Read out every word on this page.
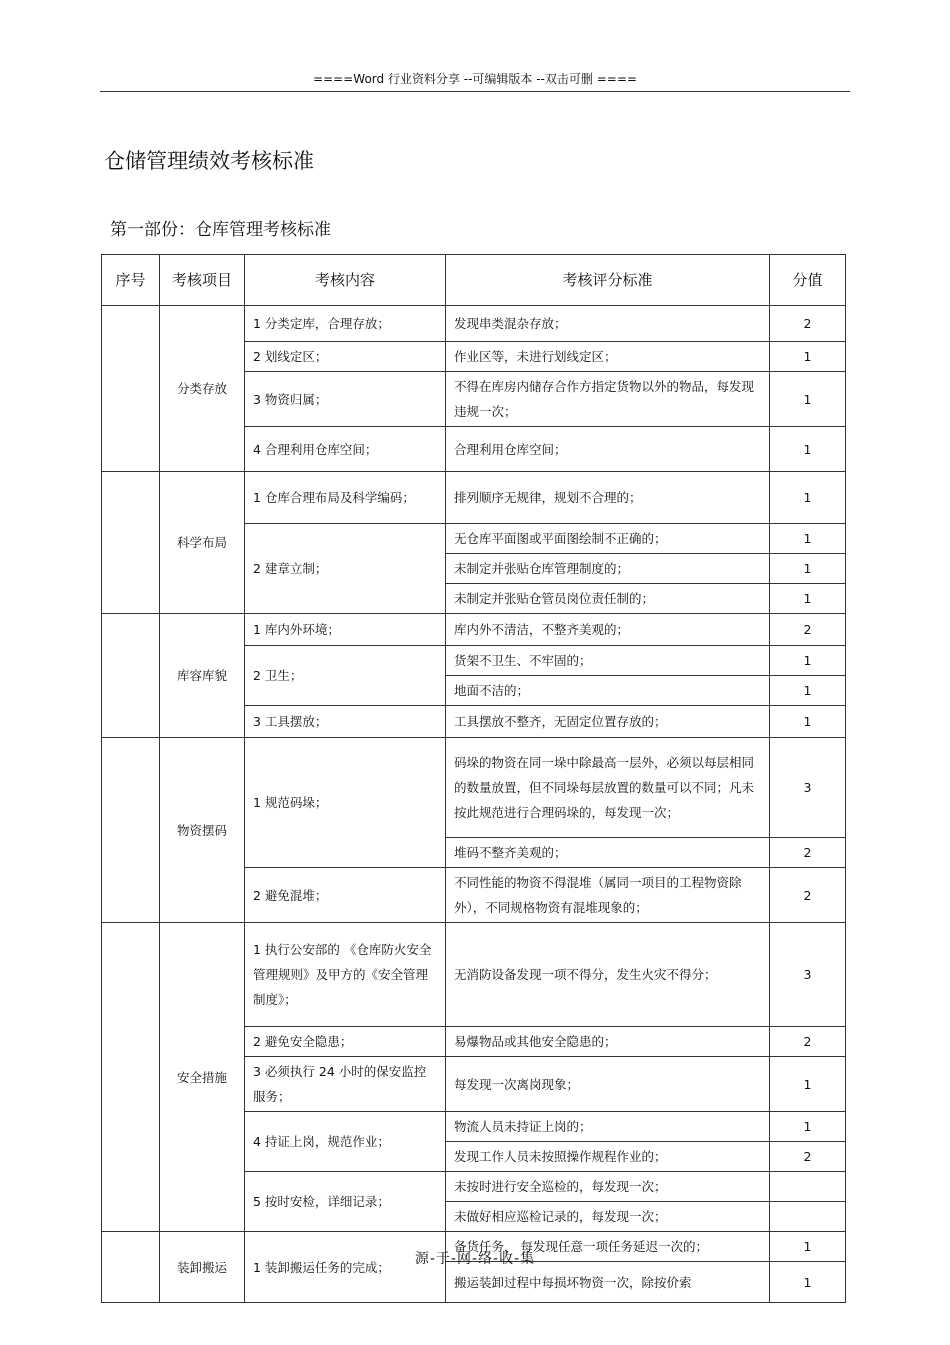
====Word 行业资料分享 --可编辑版本 --双击可删 ====
仓储管理绩效考核标准
第一部份：仓库管理考核标准
序号	考核项目	考核内容	考核评分标准	分值
	分类存放	1 分类定库，合理存放；	发现串类混杂存放；	2
		2 划线定区；	作业区等，未进行划线定区；	1
		3 物资归属；	不得在库房内储存合作方指定货物以外的物品，每发现违规一次；	1
		4 合理利用仓库空间；	合理利用仓库空间；	1
	科学布局	1 仓库合理布局及科学编码；	排列顺序无规律，规划不合理的；	1
		2 建章立制；	无仓库平面图或平面图绘制不正确的；	1
			未制定并张贴仓库管理制度的；	1
			未制定并张贴仓管员岗位责任制的；	1
	库容库貌	1 库内外环境；	库内外不清洁，不整齐美观的；	2
		2 卫生；	货架不卫生、不牢固的；	1
			地面不洁的；	1
		3 工具摆放；	工具摆放不整齐，无固定位置存放的；	1
	物资摆码	1 规范码垛；	码垛的物资在同一垛中除最高一层外，必须以每层相同的数量放置，但不同垛每层放置的数量可以不同；凡未按此规范进行合理码垛的，每发现一次；	3
			堆码不整齐美观的；	2
		2 避免混堆；	不同性能的物资不得混堆（属同一项目的工程物资除外），不同规格物资有混堆现象的；	2
	安全措施	1 执行公安部的 《仓库防火安全管理规则》及甲方的《安全管理制度》；	无消防设备发现一项不得分，发生火灾不得分；	3
		2 避免安全隐患；	易爆物品或其他安全隐患的；	2
		3 必须执行 24 小时的保安监控服务；	每发现一次离岗现象；	1
		4 持证上岗，规范作业；	物流人员未持证上岗的；	1
			发现工作人员未按照操作规程作业的；	2
		5 按时安检，详细记录；	未按时进行安全巡检的，每发现一次；	
			未做好相应巡检记录的，每发现一次；	
	装卸搬运	1 装卸搬运任务的完成；	备货任务， 每发现任意一项任务延迟一次的；	1
			搬运装卸过程中每损坏物资一次，除按价索	1
源-于-网-络-收-集
